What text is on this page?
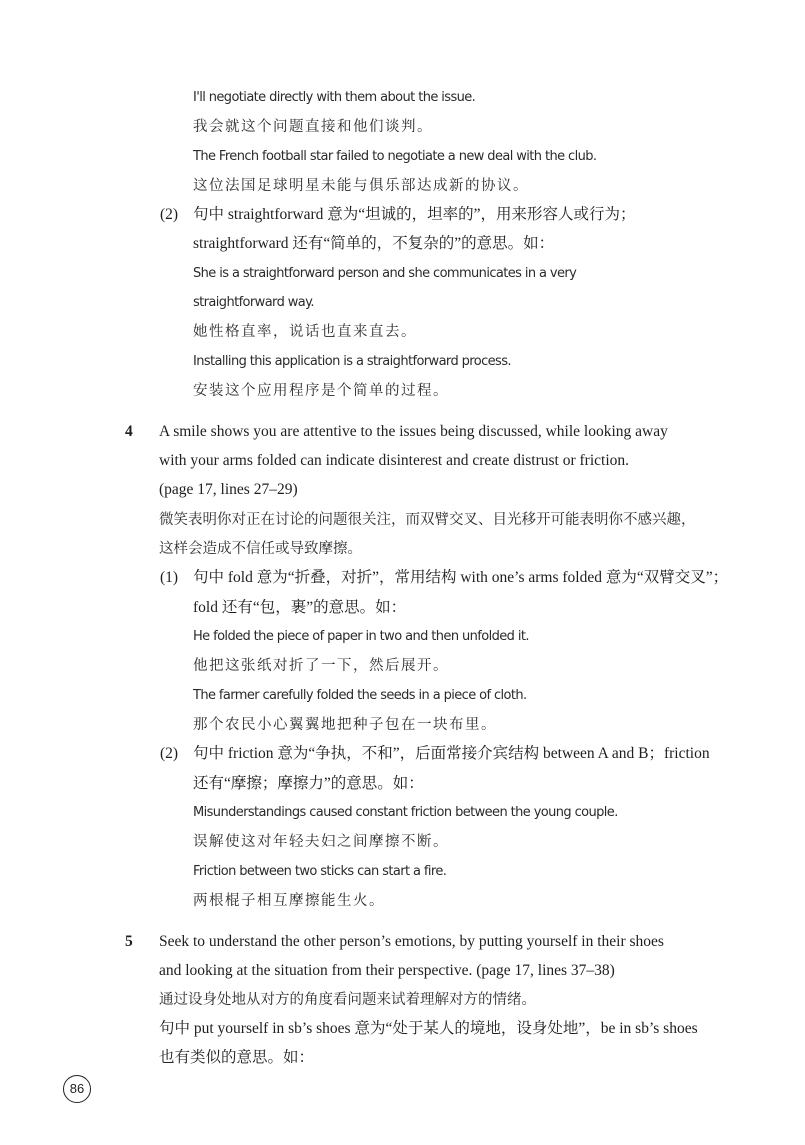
I'll negotiate directly with them about the issue.
我会就这个问题直接和他们谈判。
The French football star failed to negotiate a new deal with the club.
这位法国足球明星未能与俱乐部达成新的协议。
(2) 句中 straightforward 意为“坦诚的，坦率的”，用来形容人或行为；
straightforward 还有“简单的，不复杂的”的意思。如：
She is a straightforward person and she communicates in a very
straightforward way.
她性格直率，说话也直来直去。
Installing this application is a straightforward process.
安装这个应用程序是个简单的过程。
4 A smile shows you are attentive to the issues being discussed, while looking away
with your arms folded can indicate disinterest and create distrust or friction.
(page 17, lines 27–29)
微笑表明你对正在讨论的问题很关注，而双臂交叉、目光移开可能表明你不感兴趣，
这样会造成不信任或导致摩擦。
(1) 句中 fold 意为“折叠，对折”，常用结构 with one’s arms folded 意为“双臂交叉”；
fold 还有“包，裹”的意思。如：
He folded the piece of paper in two and then unfolded it.
他把这张纸对折了一下，然后展开。
The farmer carefully folded the seeds in a piece of cloth.
那个农民小心翼翼地把种子包在一块布里。
(2) 句中 friction 意为“争执，不和”，后面常接介宾结构 between A and B；friction
还有“摩擦；摩擦力”的意思。如：
Misunderstandings caused constant friction between the young couple.
误解使这对年轻夫妇之间摩擦不断。
Friction between two sticks can start a fire.
两根棍子相互摩擦能生火。
5 Seek to understand the other person’s emotions, by putting yourself in their shoes
and looking at the situation from their perspective. (page 17, lines 37–38)
通过设身处地从对方的角度看问题来试着理解对方的情绪。
句中 put yourself in sb’s shoes 意为“处于某人的境地，设身处地”，be in sb’s shoes
也有类似的意思。如：
86
